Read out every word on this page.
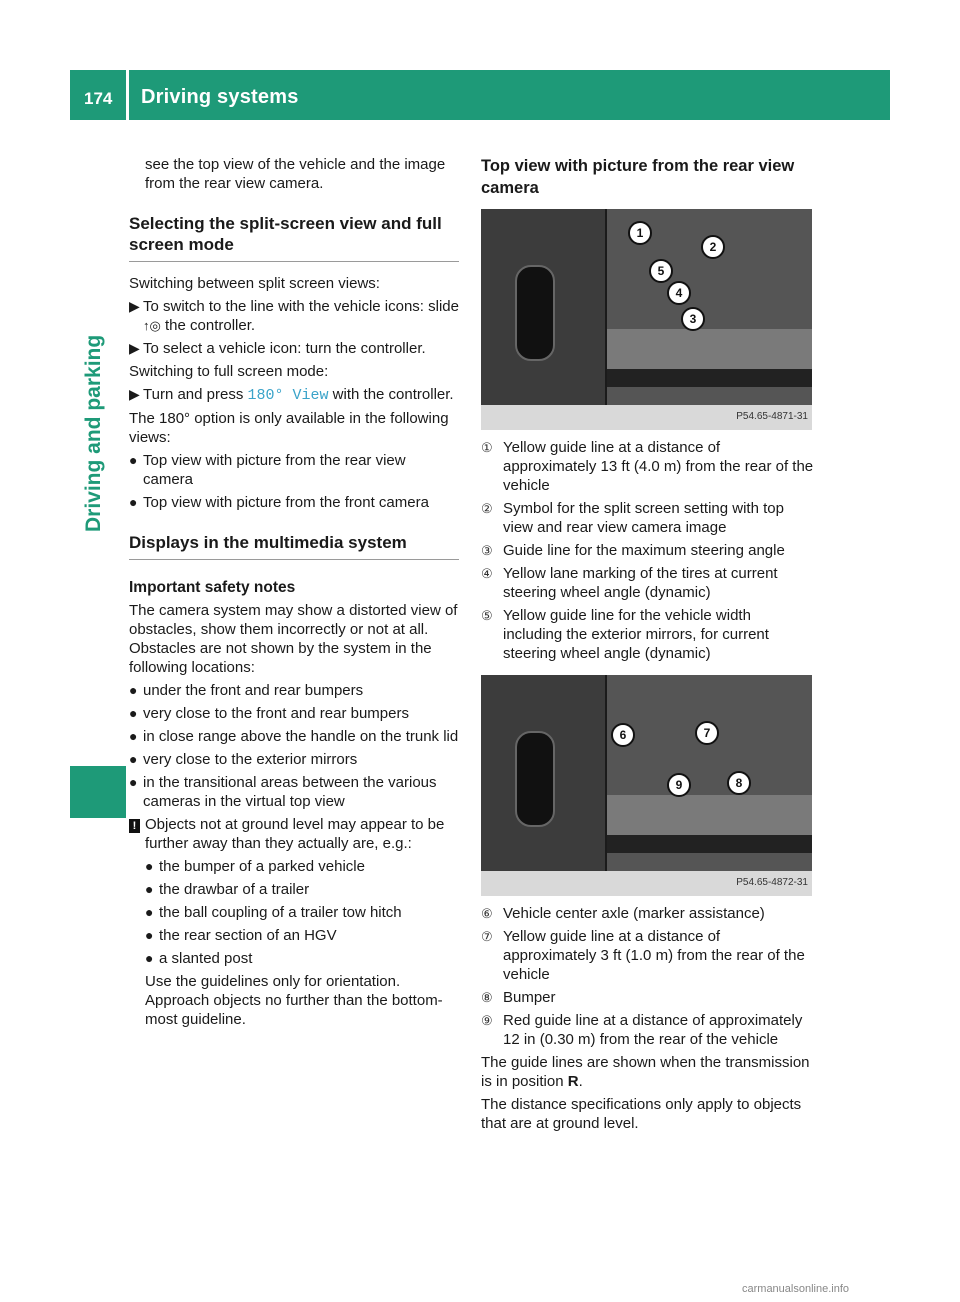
174 Driving systems
Driving and parking

see the top view of the vehicle and the image from the rear view camera.

Selecting the split-screen view and full screen mode

Switching between split screen views:

▶ To switch to the line with the vehicle icons: slide ↑◎ the controller.
▶ To select a vehicle icon: turn the controller.

Switching to full screen mode:

▶ Turn and press 180° View with the controller.

The 180° option is only available in the following views:

● Top view with picture from the rear view camera
● Top view with picture from the front camera
Displays in the multimedia system
Important safety notes

The camera system may show a distorted view of obstacles, show them incorrectly or not at all. Obstacles are not shown by the system in the following locations:

● under the front and rear bumpers
● very close to the front and rear bumpers
● in close range above the handle on the trunk lid
● very close to the exterior mirrors
● in the transitional areas between the various cameras in the virtual top view
! Objects not at ground level may appear to be further away than they actually are, e.g.:
● the bumper of a parked vehicle
● the drawbar of a trailer
● the ball coupling of a trailer tow hitch
● the rear section of an HGV
● a slanted post

Use the guidelines only for orientation. Approach objects no further than the bottom-most guideline.

Top view with picture from the rear view camera
1
2
5
4
3
P54.65-4871-31
① Yellow guide line at a distance of approximately 13 ft (4.0 m) from the rear of the vehicle
② Symbol for the split screen setting with top view and rear view camera image
③ Guide line for the maximum steering angle
④ Yellow lane marking of the tires at current steering wheel angle (dynamic)
⑤ Yellow guide line for the vehicle width including the exterior mirrors, for current steering wheel angle (dynamic)
6	7
9	8
P54.65-4872-31
⑥ Vehicle center axle (marker assistance)
⑦ Yellow guide line at a distance of approximately 3 ft (1.0 m) from the rear of the vehicle
⑧ Bumper
⑨ Red guide line at a distance of approximately 12 in (0.30 m) from the rear of the vehicle

The guide lines are shown when the transmission is in position R.

The distance specifications only apply to objects that are at ground level.

carmanualsonline.info
